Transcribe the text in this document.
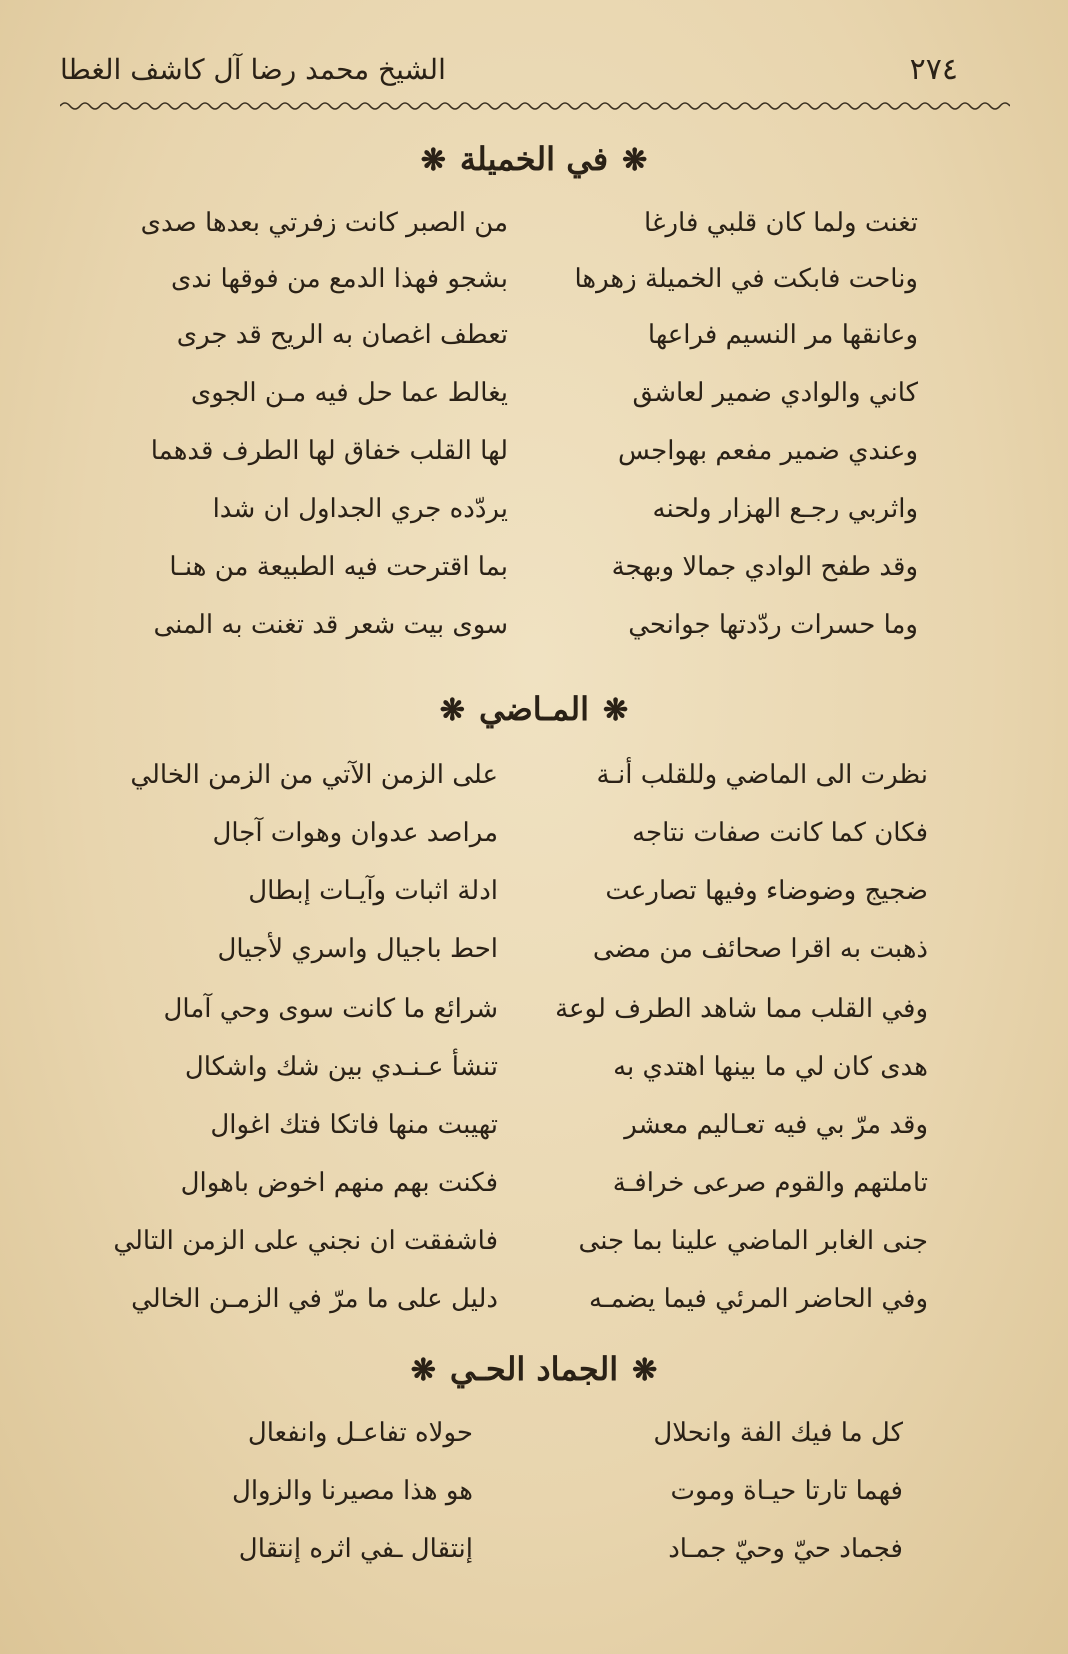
٢٧٤
الشيخ محمد رضا آل كاشف الغطا
❋في الخميلة❋
تغنت ولما كان قلبي فارغا
من الصبر كانت زفرتي بعدها صدى
وناحت فابكت في الخميلة زهرها
بشجو فهذا الدمع من فوقها ندى
وعانقها مر النسيم فراعها
تعطف اغصان به الريح قد جرى
كاني والوادي ضمير لعاشق
يغالط عما حل فيه مـن الجوى
وعندي ضمير مفعم بهواجس
لها القلب خفاق لها الطرف قدهما
واثربي رجـع الهزار ولحنه
يردّده جري الجداول ان شدا
وقد طفح الوادي جمالا وبهجة
بما اقترحت فيه الطبيعة من هنـا
وما حسرات ردّدتها جوانحي
سوى بيت شعر قد تغنت به المنى
❋المـاضي❋
نظرت الى الماضي وللقلب أنـة
على الزمن الآتي من الزمن الخالي
فكان كما كانت صفات نتاجه
مراصد عدوان وهوات آجال
ضجيج وضوضاء وفيها تصارعت
ادلة اثبات وآيـات إبطال
ذهبت به اقرا صحائف من مضى
احط باجيال واسري لأجيال
وفي القلب مما شاهد الطرف لوعة
شرائع ما كانت سوى وحي آمال
هدى كان لي ما بينها اهتدي به
تنشأ عـنـدي بين شك واشكال
وقد مرّ بي فيه تعـاليم معشر
تهيبت منها فاتكا فتك اغوال
تاملتهم والقوم صرعى خرافـة
فكنت بهم منهم اخوض باهوال
جنى الغابر الماضي علينا بما جنى
فاشفقت ان نجني على الزمن التالي
وفي الحاضر المرئي فيما يضمـه
دليل على ما مرّ في الزمـن الخالي
❋الجماد الحـي❋
كل ما فيك الفة وانحلال
حولاه تفاعـل وانفعال
فهما تارتا حيـاة وموت
هو هذا مصيرنا والزوال
فجماد حيّ وحيّ جمـاد
إنتقال ـفي اثره إنتقال
